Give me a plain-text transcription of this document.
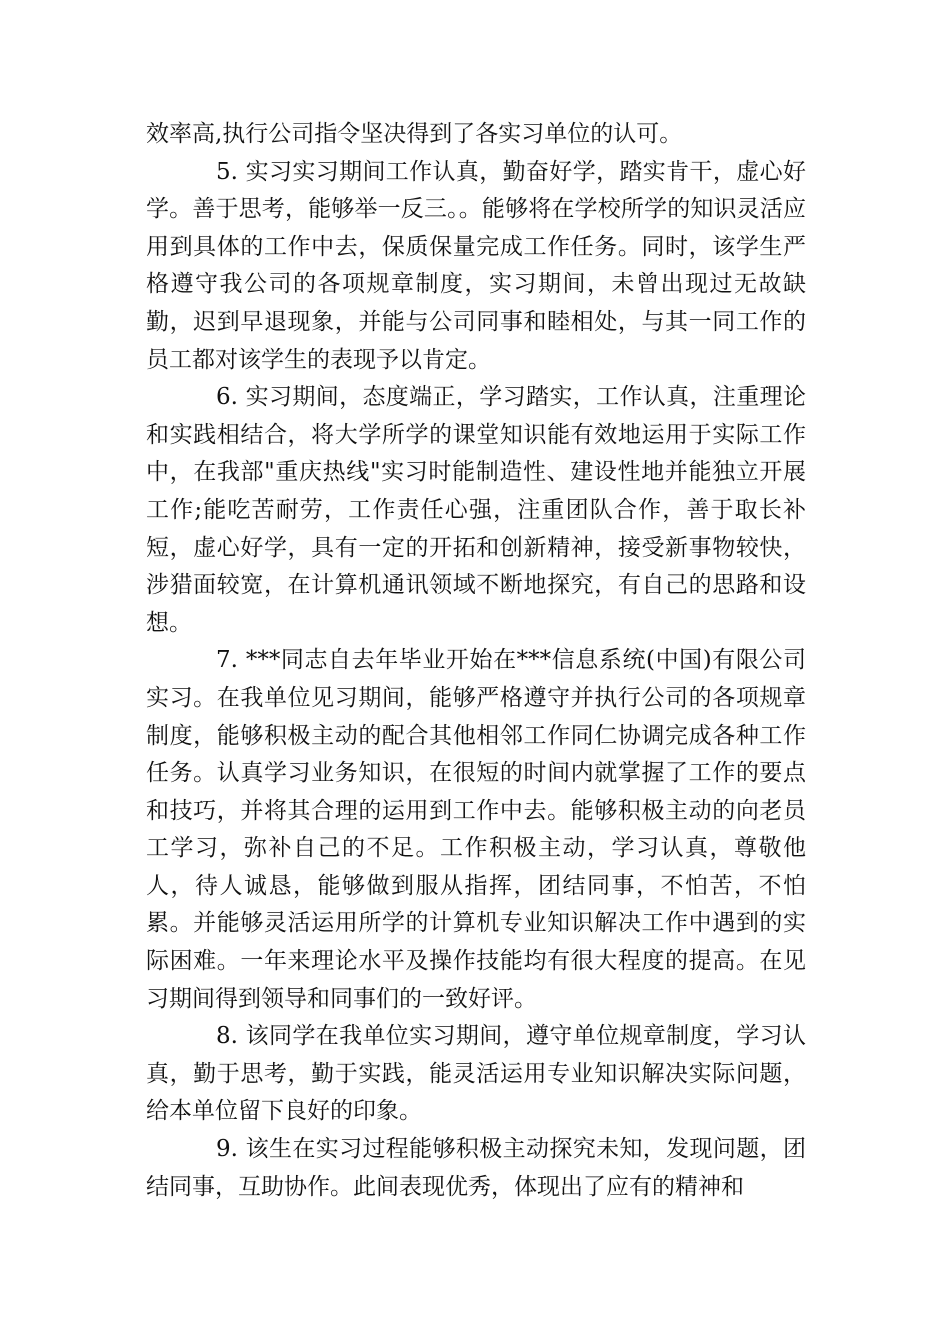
效率高,执行公司指令坚决得到了各实习单位的认可。

5. 实习实习期间工作认真，勤奋好学，踏实肯干，虚心好学。善于思考，能够举一反三。。能够将在学校所学的知识灵活应用到具体的工作中去，保质保量完成工作任务。同时，该学生严格遵守我公司的各项规章制度，实习期间，未曾出现过无故缺勤，迟到早退现象，并能与公司同事和睦相处，与其一同工作的员工都对该学生的表现予以肯定。

6. 实习期间，态度端正，学习踏实，工作认真，注重理论和实践相结合，将大学所学的课堂知识能有效地运用于实际工作中，在我部"重庆热线"实习时能制造性、建设性地并能独立开展工作;能吃苦耐劳，工作责任心强，注重团队合作，善于取长补短，虚心好学，具有一定的开拓和创新精神，接受新事物较快，涉猎面较宽，在计算机通讯领域不断地探究，有自己的思路和设想。

7. ***同志自去年毕业开始在***信息系统(中国)有限公司实习。在我单位见习期间，能够严格遵守并执行公司的各项规章制度，能够积极主动的配合其他相邻工作同仁协调完成各种工作任务。认真学习业务知识，在很短的时间内就掌握了工作的要点和技巧，并将其合理的运用到工作中去。能够积极主动的向老员工学习，弥补自己的不足。工作积极主动，学习认真，尊敬他人，待人诚恳，能够做到服从指挥，团结同事，不怕苦，不怕累。并能够灵活运用所学的计算机专业知识解决工作中遇到的实际困难。一年来理论水平及操作技能均有很大程度的提高。在见习期间得到领导和同事们的一致好评。

8. 该同学在我单位实习期间，遵守单位规章制度，学习认真，勤于思考，勤于实践，能灵活运用专业知识解决实际问题，给本单位留下良好的印象。

9. 该生在实习过程能够积极主动探究未知，发现问题，团结同事，互助协作。此间表现优秀，体现出了应有的精神和
